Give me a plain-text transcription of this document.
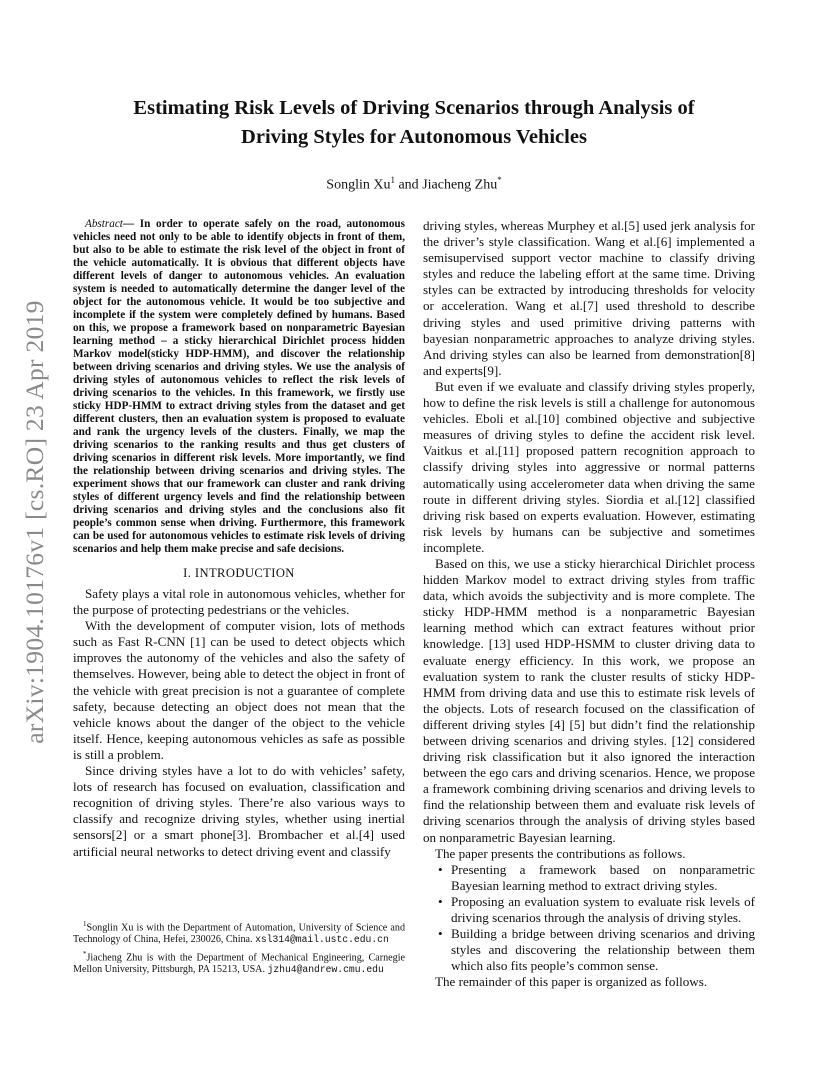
arXiv:1904.10176v1 [cs.RO] 23 Apr 2019
Estimating Risk Levels of Driving Scenarios through Analysis of
Driving Styles for Autonomous Vehicles
Songlin Xu$^1$ and Jiacheng Zhu*

Abstract— In order to operate safely on the road, autonomous vehicles need not only to be able to identify objects in front of them, but also to be able to estimate the risk level of the object in front of the vehicle automatically. It is obvious that different objects have different levels of danger to autonomous vehicles. An evaluation system is needed to automatically determine the danger level of the object for the autonomous vehicle. It would be too subjective and incomplete if the system were completely defined by humans. Based on this, we propose a framework based on nonparametric Bayesian learning method – a sticky hierarchical Dirichlet process hidden Markov model(sticky HDP-HMM), and discover the relationship between driving scenarios and driving styles. We use the analysis of driving styles of autonomous vehicles to reflect the risk levels of driving scenarios to the vehicles. In this framework, we firstly use sticky HDP-HMM to extract driving styles from the dataset and get different clusters, then an evaluation system is proposed to evaluate and rank the urgency levels of the clusters. Finally, we map the driving scenarios to the ranking results and thus get clusters of driving scenarios in different risk levels. More importantly, we find the relationship between driving scenarios and driving styles. The experiment shows that our framework can cluster and rank driving styles of different urgency levels and find the relationship between driving scenarios and driving styles and the conclusions also fit people’s common sense when driving. Furthermore, this framework can be used for autonomous vehicles to estimate risk levels of driving scenarios and help them make precise and safe decisions.

I. INTRODUCTION

Safety plays a vital role in autonomous vehicles, whether for the purpose of protecting pedestrians or the vehicles.

With the development of computer vision, lots of methods such as Fast R-CNN [1] can be used to detect objects which improves the autonomy of the vehicles and also the safety of themselves. However, being able to detect the object in front of the vehicle with great precision is not a guarantee of complete safety, because detecting an object does not mean that the vehicle knows about the danger of the object to the vehicle itself. Hence, keeping autonomous vehicles as safe as possible is still a problem.

Since driving styles have a lot to do with vehicles’ safety, lots of research has focused on evaluation, classification and recognition of driving styles. There’re also various ways to classify and recognize driving styles, whether using inertial sensors[2] or a smart phone[3]. Brombacher et al.[4] used artificial neural networks to detect driving event and classify

$^1$Songlin Xu is with the Department of Automation, University of Science and Technology of China, Hefei, 230026, China. xsl314@mail.ustc.edu.cn

*Jiacheng Zhu is with the Department of Mechanical Engineering, Carnegie Mellon University, Pittsburgh, PA 15213, USA. jzhu4@andrew.cmu.edu

driving styles, whereas Murphey et al.[5] used jerk analysis for the driver’s style classification. Wang et al.[6] implemented a semisupervised support vector machine to classify driving styles and reduce the labeling effort at the same time. Driving styles can be extracted by introducing thresholds for velocity or acceleration. Wang et al.[7] used threshold to describe driving styles and used primitive driving patterns with bayesian nonparametric approaches to analyze driving styles. And driving styles can also be learned from demonstration[8] and experts[9].

But even if we evaluate and classify driving styles properly, how to define the risk levels is still a challenge for autonomous vehicles. Eboli et al.[10] combined objective and subjective measures of driving styles to define the accident risk level. Vaitkus et al.[11] proposed pattern recognition approach to classify driving styles into aggressive or normal patterns automatically using accelerometer data when driving the same route in different driving styles. Siordia et al.[12] classified driving risk based on experts evaluation. However, estimating risk levels by humans can be subjective and sometimes incomplete.

Based on this, we use a sticky hierarchical Dirichlet process hidden Markov model to extract driving styles from traffic data, which avoids the subjectivity and is more complete. The sticky HDP-HMM method is a nonparametric Bayesian learning method which can extract features without prior knowledge. [13] used HDP-HSMM to cluster driving data to evaluate energy efficiency. In this work, we propose an evaluation system to rank the cluster results of sticky HDP-HMM from driving data and use this to estimate risk levels of the objects. Lots of research focused on the classification of different driving styles [4] [5] but didn’t find the relationship between driving scenarios and driving styles. [12] considered driving risk classification but it also ignored the interaction between the ego cars and driving scenarios. Hence, we propose a framework combining driving scenarios and driving levels to find the relationship between them and evaluate risk levels of driving scenarios through the analysis of driving styles based on nonparametric Bayesian learning.

The paper presents the contributions as follows.

• Presenting a framework based on nonparametric Bayesian learning method to extract driving styles.
• Proposing an evaluation system to evaluate risk levels of driving scenarios through the analysis of driving styles.
• Building a bridge between driving scenarios and driving styles and discovering the relationship between them which also fits people’s common sense.

The remainder of this paper is organized as follows.
